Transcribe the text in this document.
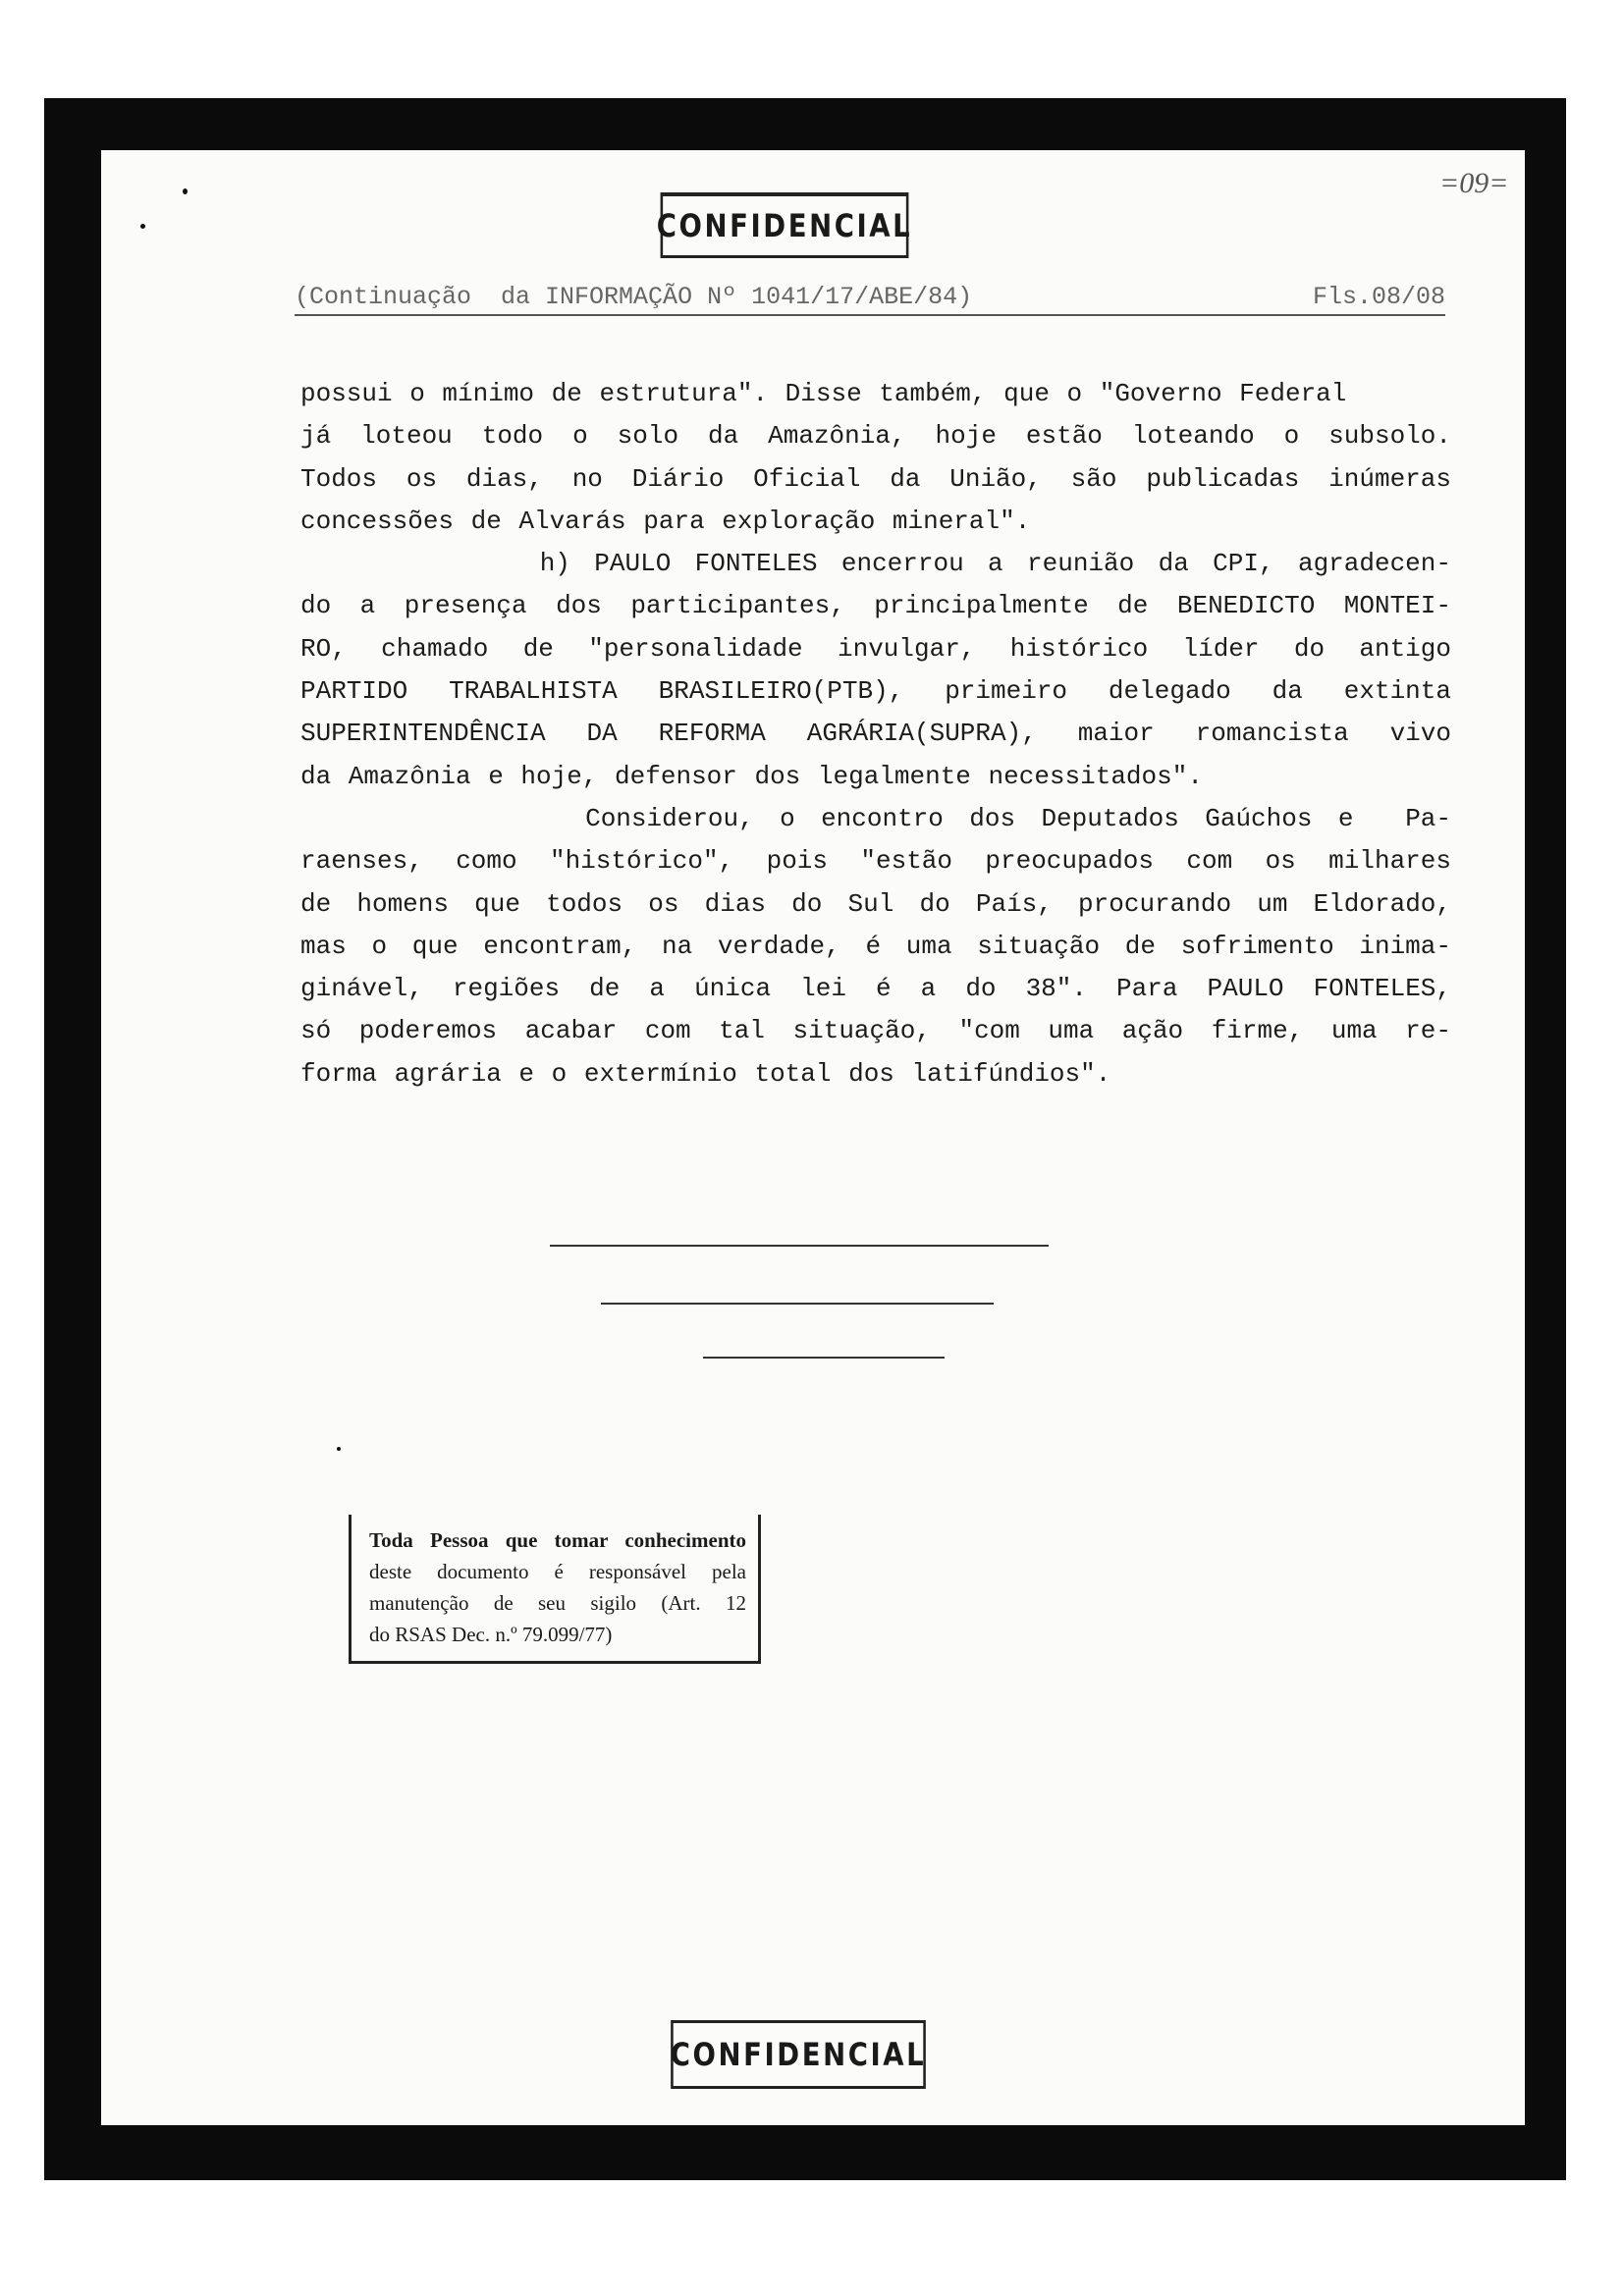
CONFIDENCIAL
=09=
(Continuação  da INFORMAÇÃO Nº 1041/17/ABE/84)	Fls.08/08
possui o mínimo de estrutura". Disse também, que o "Governo Federal
já loteou todo o solo da Amazônia, hoje estão loteando o subsolo.
Todos os dias, no Diário Oficial da União, são publicadas inúmeras
concessões de Alvarás para exploração mineral".
h) PAULO FONTELES encerrou a reunião da CPI, agradecen-
do a presença dos participantes, principalmente de BENEDICTO MONTEI-
RO, chamado de "personalidade invulgar, histórico líder do antigo
PARTIDO TRABALHISTA BRASILEIRO(PTB), primeiro delegado da extinta
SUPERINTENDÊNCIA DA REFORMA AGRÁRIA(SUPRA), maior romancista vivo
da Amazônia e hoje, defensor dos legalmente necessitados".
Considerou, o encontro dos Deputados Gaúchos e  Pa-
raenses, como "histórico", pois "estão preocupados com os milhares
de homens que todos os dias do Sul do País, procurando um Eldorado,
mas o que encontram, na verdade, é uma situação de sofrimento inima-
ginável, regiões de a única lei é a do 38". Para PAULO FONTELES,
só poderemos acabar com tal situação, "com uma ação firme, uma re-
forma agrária e o extermínio total dos latifúndios".
Toda Pessoa que tomar conhecimento
deste documento é responsável pela
manutenção de seu sigilo (Art. 12
do RSAS Dec. n.º 79.099/77)
CONFIDENCIAL
